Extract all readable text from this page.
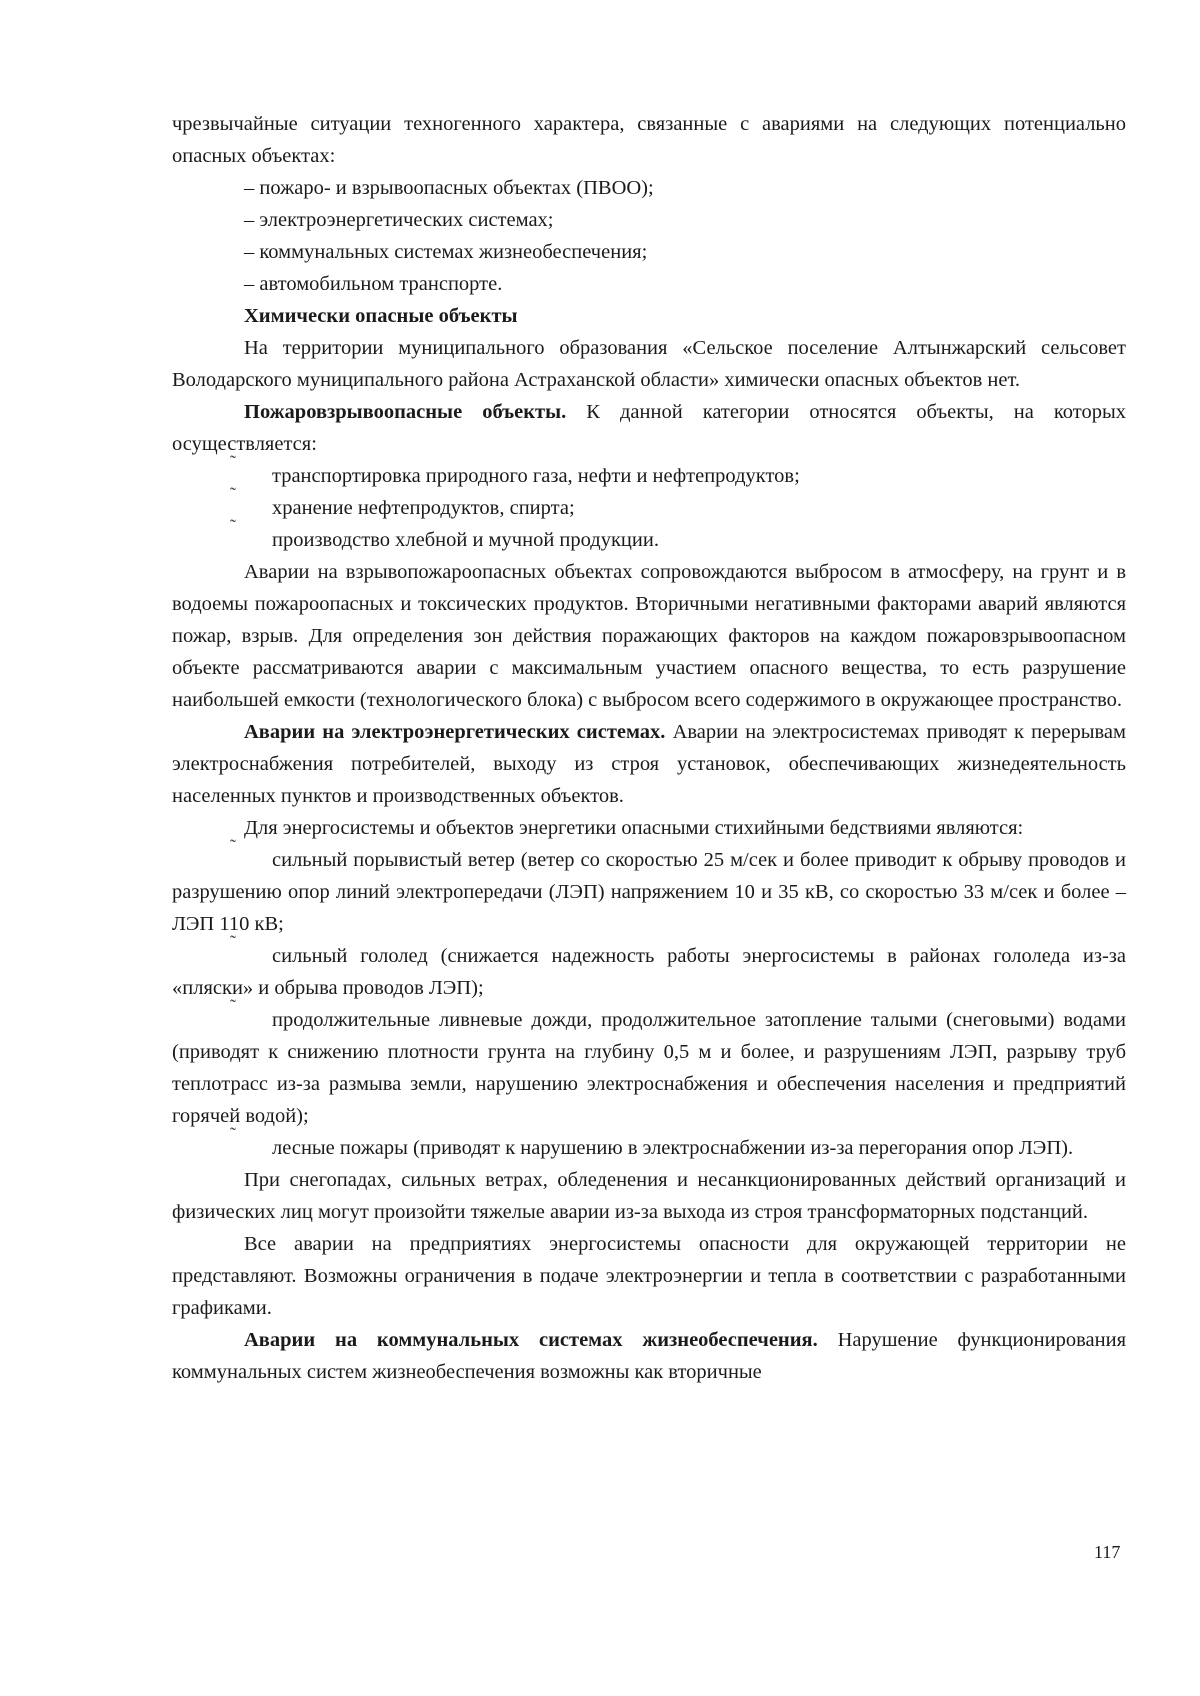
чрезвычайные ситуации техногенного характера, связанные с авариями на следующих потенциально опасных объектах:

– пожаро- и взрывоопасных объектах (ПВОО);

– электроэнергетических системах;

– коммунальных системах жизнеобеспечения;

– автомобильном транспорте.

Химически опасные объекты

На территории муниципального образования «Сельское поселение Алтынжарский сельсовет Володарского муниципального района Астраханской области» химически опасных объектов нет.

Пожаровзрывоопасные объекты. К данной категории относятся объекты, на которых осуществляется:

˜
транспортировка природного газа, нефти и нефтепродуктов;

˜
хранение нефтепродуктов, спирта;

˜
производство хлебной и мучной продукции.

Аварии на взрывопожароопасных объектах сопровождаются выбросом в атмосферу, на грунт и в водоемы пожароопасных и токсических продуктов. Вторичными негативными факторами аварий являются пожар, взрыв. Для определения зон действия поражающих факторов на каждом пожаровзрывоопасном объекте рассматриваются аварии с максимальным участием опасного вещества, то есть разрушение наибольшей емкости (технологического блока) с выбросом всего содержимого в окружающее пространство.

Аварии на электроэнергетических системах. Аварии на электросистемах приводят к перерывам электроснабжения потребителей, выходу из строя установок, обеспечивающих жизнедеятельность населенных пунктов и производственных объектов.

Для энергосистемы и объектов энергетики опасными стихийными бедствиями являются:

˜
сильный порывистый ветер (ветер со скоростью 25 м/сек и более приводит к обрыву проводов и разрушению опор линий электропередачи (ЛЭП) напряжением 10 и 35 кВ, со скоростью 33 м/сек и более – ЛЭП 110 кВ;

˜
сильный гололед (снижается надежность работы энергосистемы в районах гололеда из-за «пляски» и обрыва проводов ЛЭП);

˜
продолжительные ливневые дожди, продолжительное затопление талыми (снеговыми) водами (приводят к снижению плотности грунта на глубину 0,5 м и более, и разрушениям ЛЭП, разрыву труб теплотрасс из-за размыва земли, нарушению электроснабжения и обеспечения населения и предприятий горячей водой);

˜
лесные пожары (приводят к нарушению в электроснабжении из-за перегорания опор ЛЭП).

При снегопадах, сильных ветрах, обледенения и несанкционированных действий организаций и физических лиц могут произойти тяжелые аварии из-за выхода из строя трансформаторных подстанций.

Все аварии на предприятиях энергосистемы опасности для окружающей территории не представляют. Возможны ограничения в подаче электроэнергии и тепла в соответствии с разработанными графиками.

Аварии на коммунальных системах жизнеобеспечения. Нарушение функционирования коммунальных систем жизнеобеспечения возможны как вторичные

117
